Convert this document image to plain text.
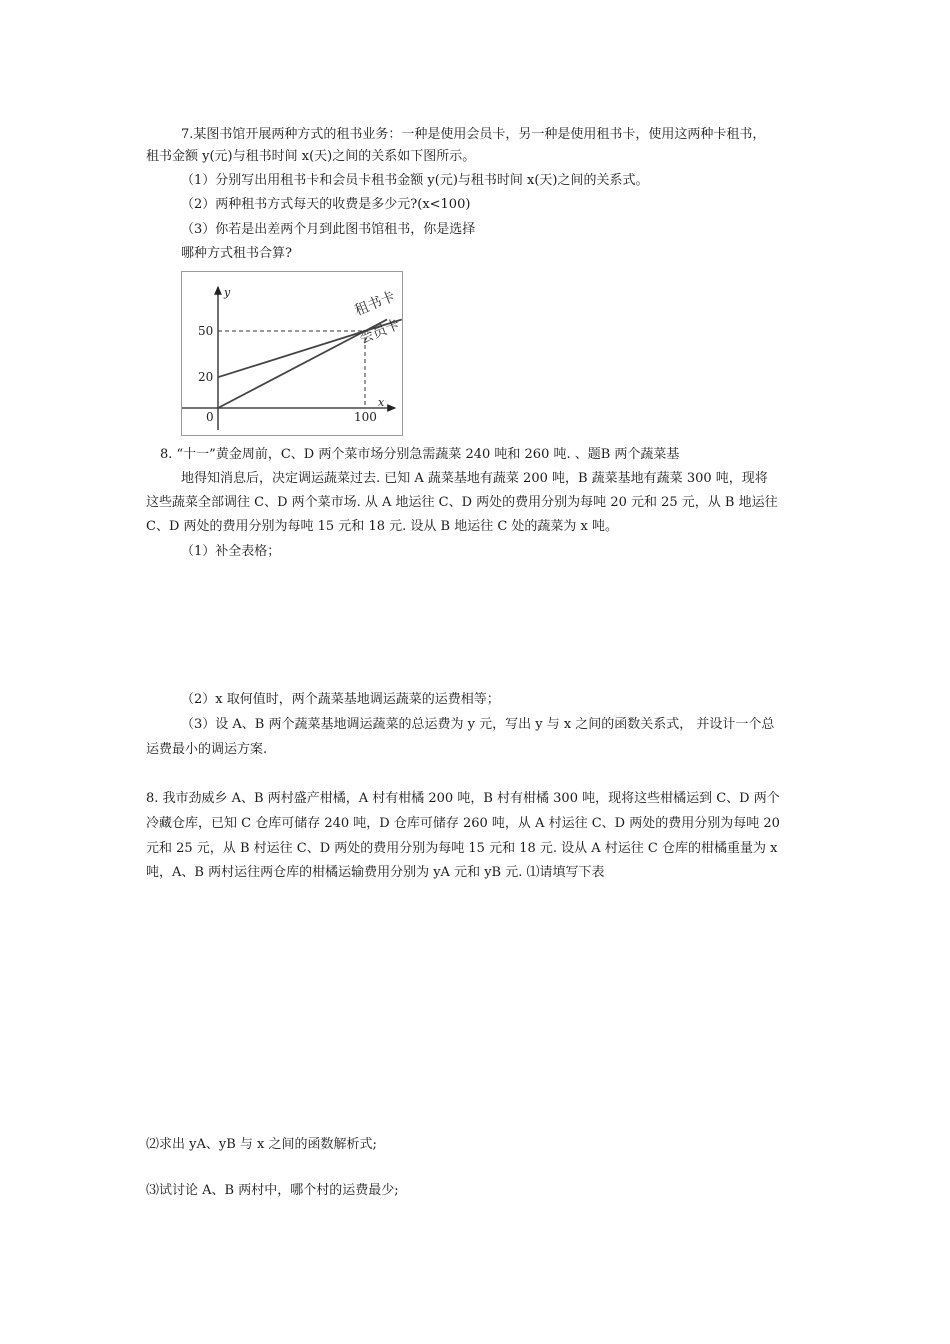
7.某图书馆开展两种方式的租书业务：一种是使用会员卡，另一种是使用租书卡，使用这两种卡租书，
租书金额 y(元)与租书时间 x(天)之间的关系如下图所示。
（1）分别写出用租书卡和会员卡租书金额 y(元)与租书时间 x(天)之间的关系式。
（2）两种租书方式每天的收费是多少元?(x<100)
（3）你若是出差两个月到此图书馆租书，你是选择
哪种方式租书合算?
x
y	租书卡
会员卡
0	100
20
50
8. “十一”黄金周前，C、D 两个菜市场分别急需蔬菜 240 吨和 260 吨. 、题B 两个蔬菜基
地得知消息后，决定调运蔬菜过去. 已知 A 蔬菜基地有蔬菜 200 吨，B 蔬菜基地有蔬菜 300 吨，现将
这些蔬菜全部调往 C、D 两个菜市场. 从 A 地运往 C、D 两处的费用分别为每吨 20 元和 25 元，从 B 地运往
C、D 两处的费用分别为每吨 15 元和 18 元. 设从 B 地运往 C 处的蔬菜为 x 吨。
（1）补全表格；
（2）x 取何值时，两个蔬菜基地调运蔬菜的运费相等；
（3）设 A、B 两个蔬菜基地调运蔬菜的总运费为 y 元，写出 y 与 x 之间的函数关系式， 并设计一个总
运费最小的调运方案.
8. 我市劲威乡 A、B 两村盛产柑橘，A 村有柑橘 200 吨，B 村有柑橘 300 吨，现将这些柑橘运到 C、D 两个
冷藏仓库，已知 C 仓库可储存 240 吨，D 仓库可储存 260 吨，从 A 村运往 C、D 两处的费用分别为每吨 20
元和 25 元，从 B 村运往 C、D 两处的费用分别为每吨 15 元和 18 元. 设从 A 村运往 C 仓库的柑橘重量为 x
吨，A、B 两村运往两仓库的柑橘运输费用分别为 yA 元和 yB 元. ⑴请填写下表
⑵求出 yA、yB 与 x 之间的函数解析式;
⑶试讨论 A、B 两村中，哪个村的运费最少;
